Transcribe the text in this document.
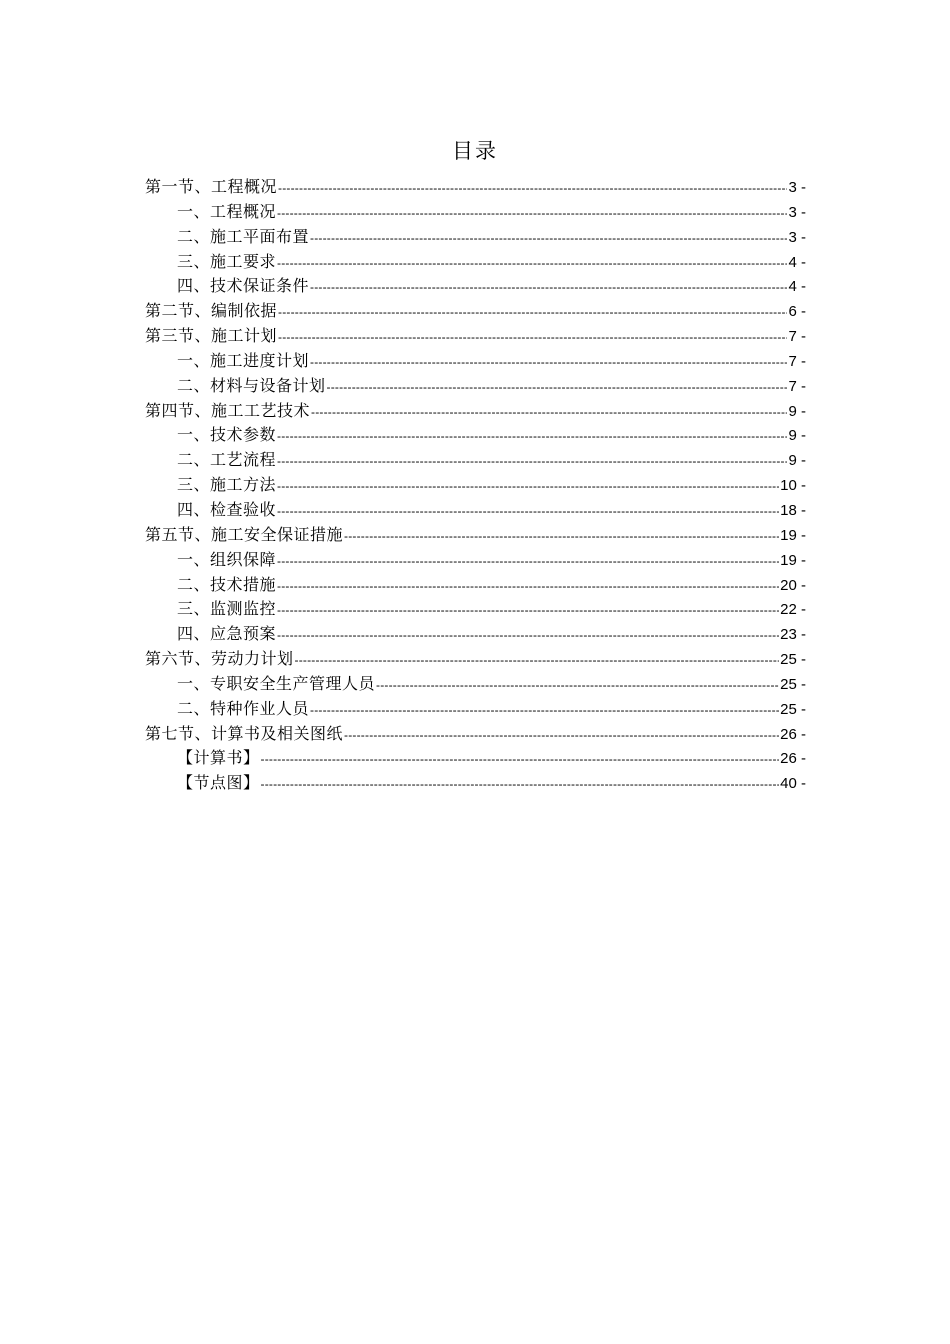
目录
第一节、工程概况 -----	3 -
一、工程概况 -----	3 -
二、施工平面布置 -----	3 -
三、施工要求 -----	4 -
四、技术保证条件 -----	4 -
第二节、编制依据 -----	6 -
第三节、施工计划 -----	7 -
一、施工进度计划 -----	7 -
二、材料与设备计划 -----	7 -
第四节、施工工艺技术 -----	9 -
一、技术参数 -----	9 -
二、工艺流程 -----	9 -
三、施工方法 -----	10 -
四、检查验收 -----	18 -
第五节、施工安全保证措施 -----	19 -
一、组织保障 -----	19 -
二、技术措施 -----	20 -
三、监测监控 -----	22 -
四、应急预案 -----	23 -
第六节、劳动力计划 -----	25 -
一、专职安全生产管理人员 -----	25 -
二、特种作业人员 -----	25 -
第七节、计算书及相关图纸 -----	26 -
【计算书】 -----	26 -
【节点图】 -----	40 -
